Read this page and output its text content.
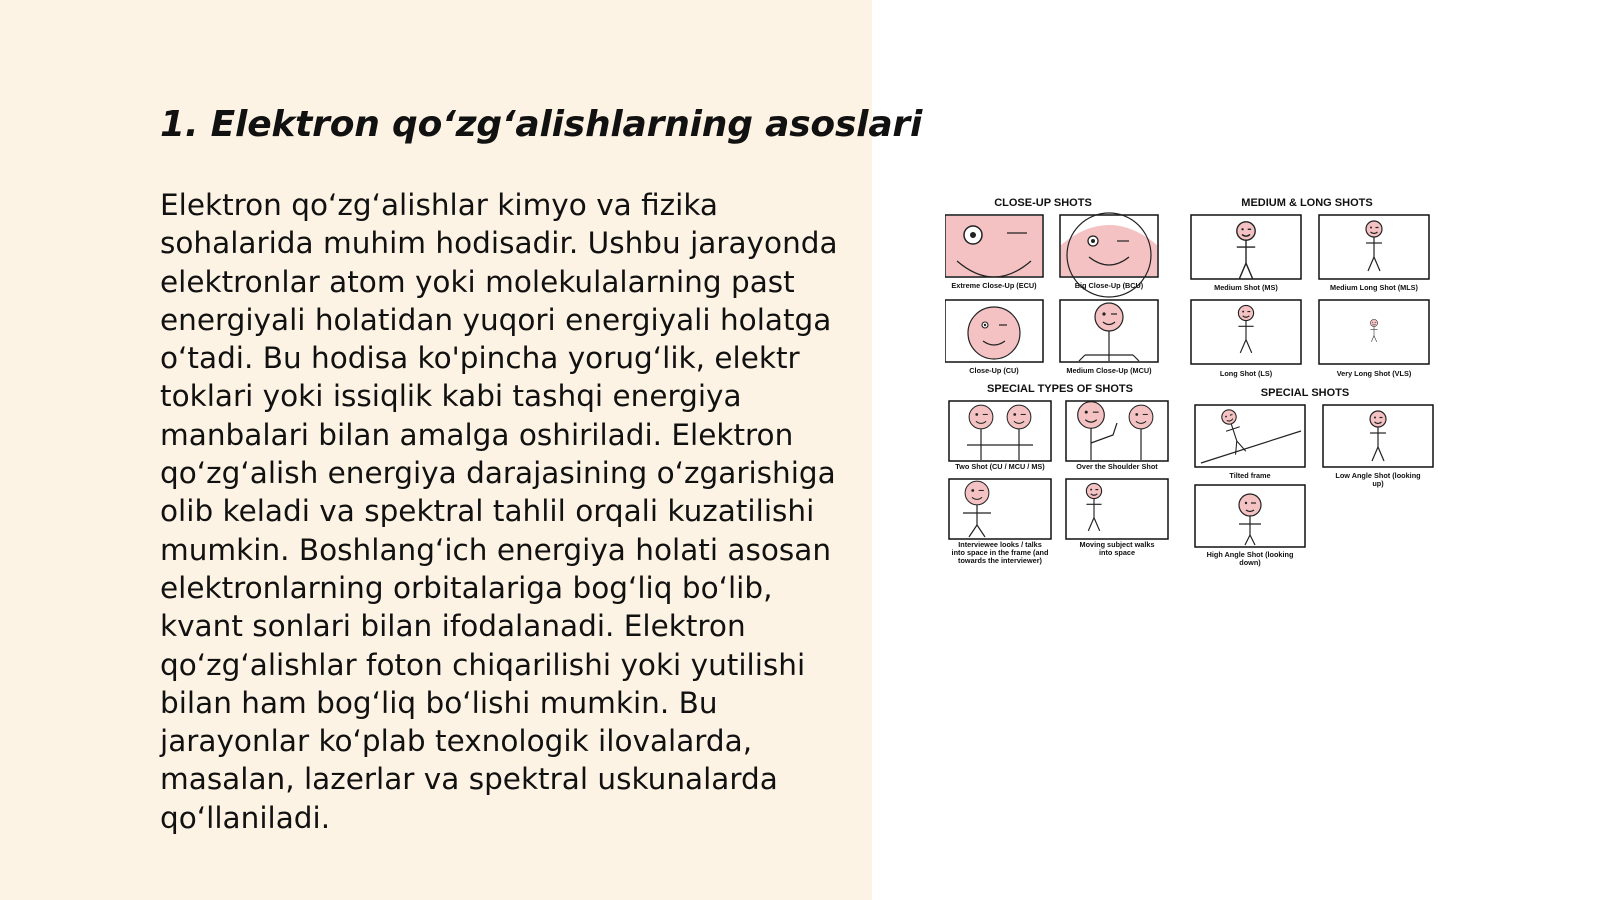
1. Elektron qo‘zg‘alishlarning asoslari

Elektron qo‘zg‘alishlar kimyo va fizika sohalarida muhim hodisadir. Ushbu jarayonda elektronlar atom yoki molekulalarning past energiyali holatidan yuqori energiyali holatga o‘tadi. Bu hodisa ko'pincha yorug‘lik, elektr toklari yoki issiqlik kabi tashqi energiya manbalari bilan amalga oshiriladi. Elektron qo‘zg‘alish energiya darajasining o‘zgarishiga olib keladi va spektral tahlil orqali kuzatilishi mumkin. Boshlang‘ich energiya holati asosan elektronlarning orbitalariga bog‘liq bo‘lib, kvant sonlari bilan ifodalanadi. Elektron qo‘zg‘alishlar foton chiqarilishi yoki yutilishi bilan ham bog‘liq bo‘lishi mumkin. Bu jarayonlar ko‘plab texnologik ilovalarda, masalan, lazerlar va spektral uskunalarda qo‘llaniladi.

CLOSE-UP SHOTS
Extreme Close-Up (ECU)	Big Close-Up (BCU)
Close-Up (CU)	Medium Close-Up (MCU)
MEDIUM & LONG SHOTS
Medium Shot (MS)	Medium Long Shot (MLS)
Long Shot (LS)	Very Long Shot (VLS)
SPECIAL TYPES OF SHOTS
Two Shot (CU / MCU / MS)	Over the Shoulder Shot
Interviewee looks / talks
into space in the frame (and
towards the interviewer)
Moving subject walks
into space
SPECIAL SHOTS
Tilted frame	Low Angle Shot (looking
up)
High Angle Shot (looking
down)
